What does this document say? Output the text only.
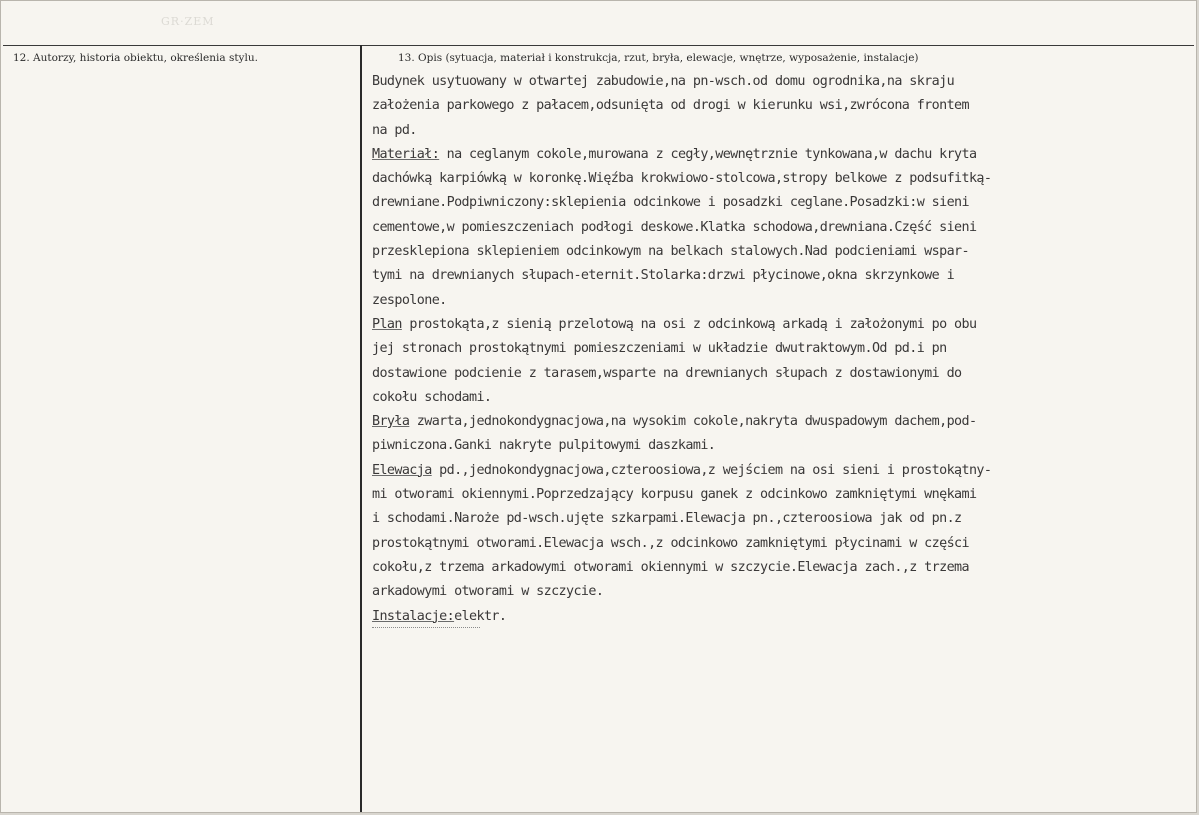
GR·ZEM

12. Autorzy, historia obiektu, określenia stylu.	13. Opis (sytuacja, materiał i konstrukcja, rzut, bryła, elewacje, wnętrze, wyposażenie, instalacje)

Budynek usytuowany w otwartej zabudowie,na pn-wsch.od domu ogrodnika,na skraju
założenia parkowego z pałacem,odsunięta od drogi w kierunku wsi,zwrócona frontem
na pd.
Materiał: na ceglanym cokole,murowana z cegły,wewnętrznie tynkowana,w dachu kryta
dachówką karpiówką w koronkę.Więźba krokwiowo-stolcowa,stropy belkowe z podsufitką-
drewniane.Podpiwniczony:sklepienia odcinkowe i posadzki ceglane.Posadzki:w sieni
cementowe,w pomieszczeniach podłogi deskowe.Klatka schodowa,drewniana.Część sieni
przesklepiona sklepieniem odcinkowym na belkach stalowych.Nad podcieniami wspar-
tymi na drewnianych słupach-eternit.Stolarka:drzwi płycinowe,okna skrzynkowe i
zespolone.
Plan prostokąta,z sienią przelotową na osi z odcinkową arkadą i założonymi po obu
jej stronach prostokątnymi pomieszczeniami w układzie dwutraktowym.Od pd.i pn
dostawione podcienie z tarasem,wsparte na drewnianych słupach z dostawionymi do
cokołu schodami.
Bryła zwarta,jednokondygnacjowa,na wysokim cokole,nakryta dwuspadowym dachem,pod-
piwniczona.Ganki nakryte pulpitowymi daszkami.
Elewacja pd.,jednokondygnacjowa,czteroosiowa,z wejściem na osi sieni i prostokątny-
mi otworami okiennymi.Poprzedzający korpusu ganek z odcinkowo zamkniętymi wnękami
i schodami.Naroże pd-wsch.ujęte szkarpami.Elewacja pn.,czteroosiowa jak od pn.z
prostokątnymi otworami.Elewacja wsch.,z odcinkowo zamkniętymi płycinami w części
cokołu,z trzema arkadowymi otworami okiennymi w szczycie.Elewacja zach.,z trzema
arkadowymi otworami w szczycie.
Instalacje:elektr.
